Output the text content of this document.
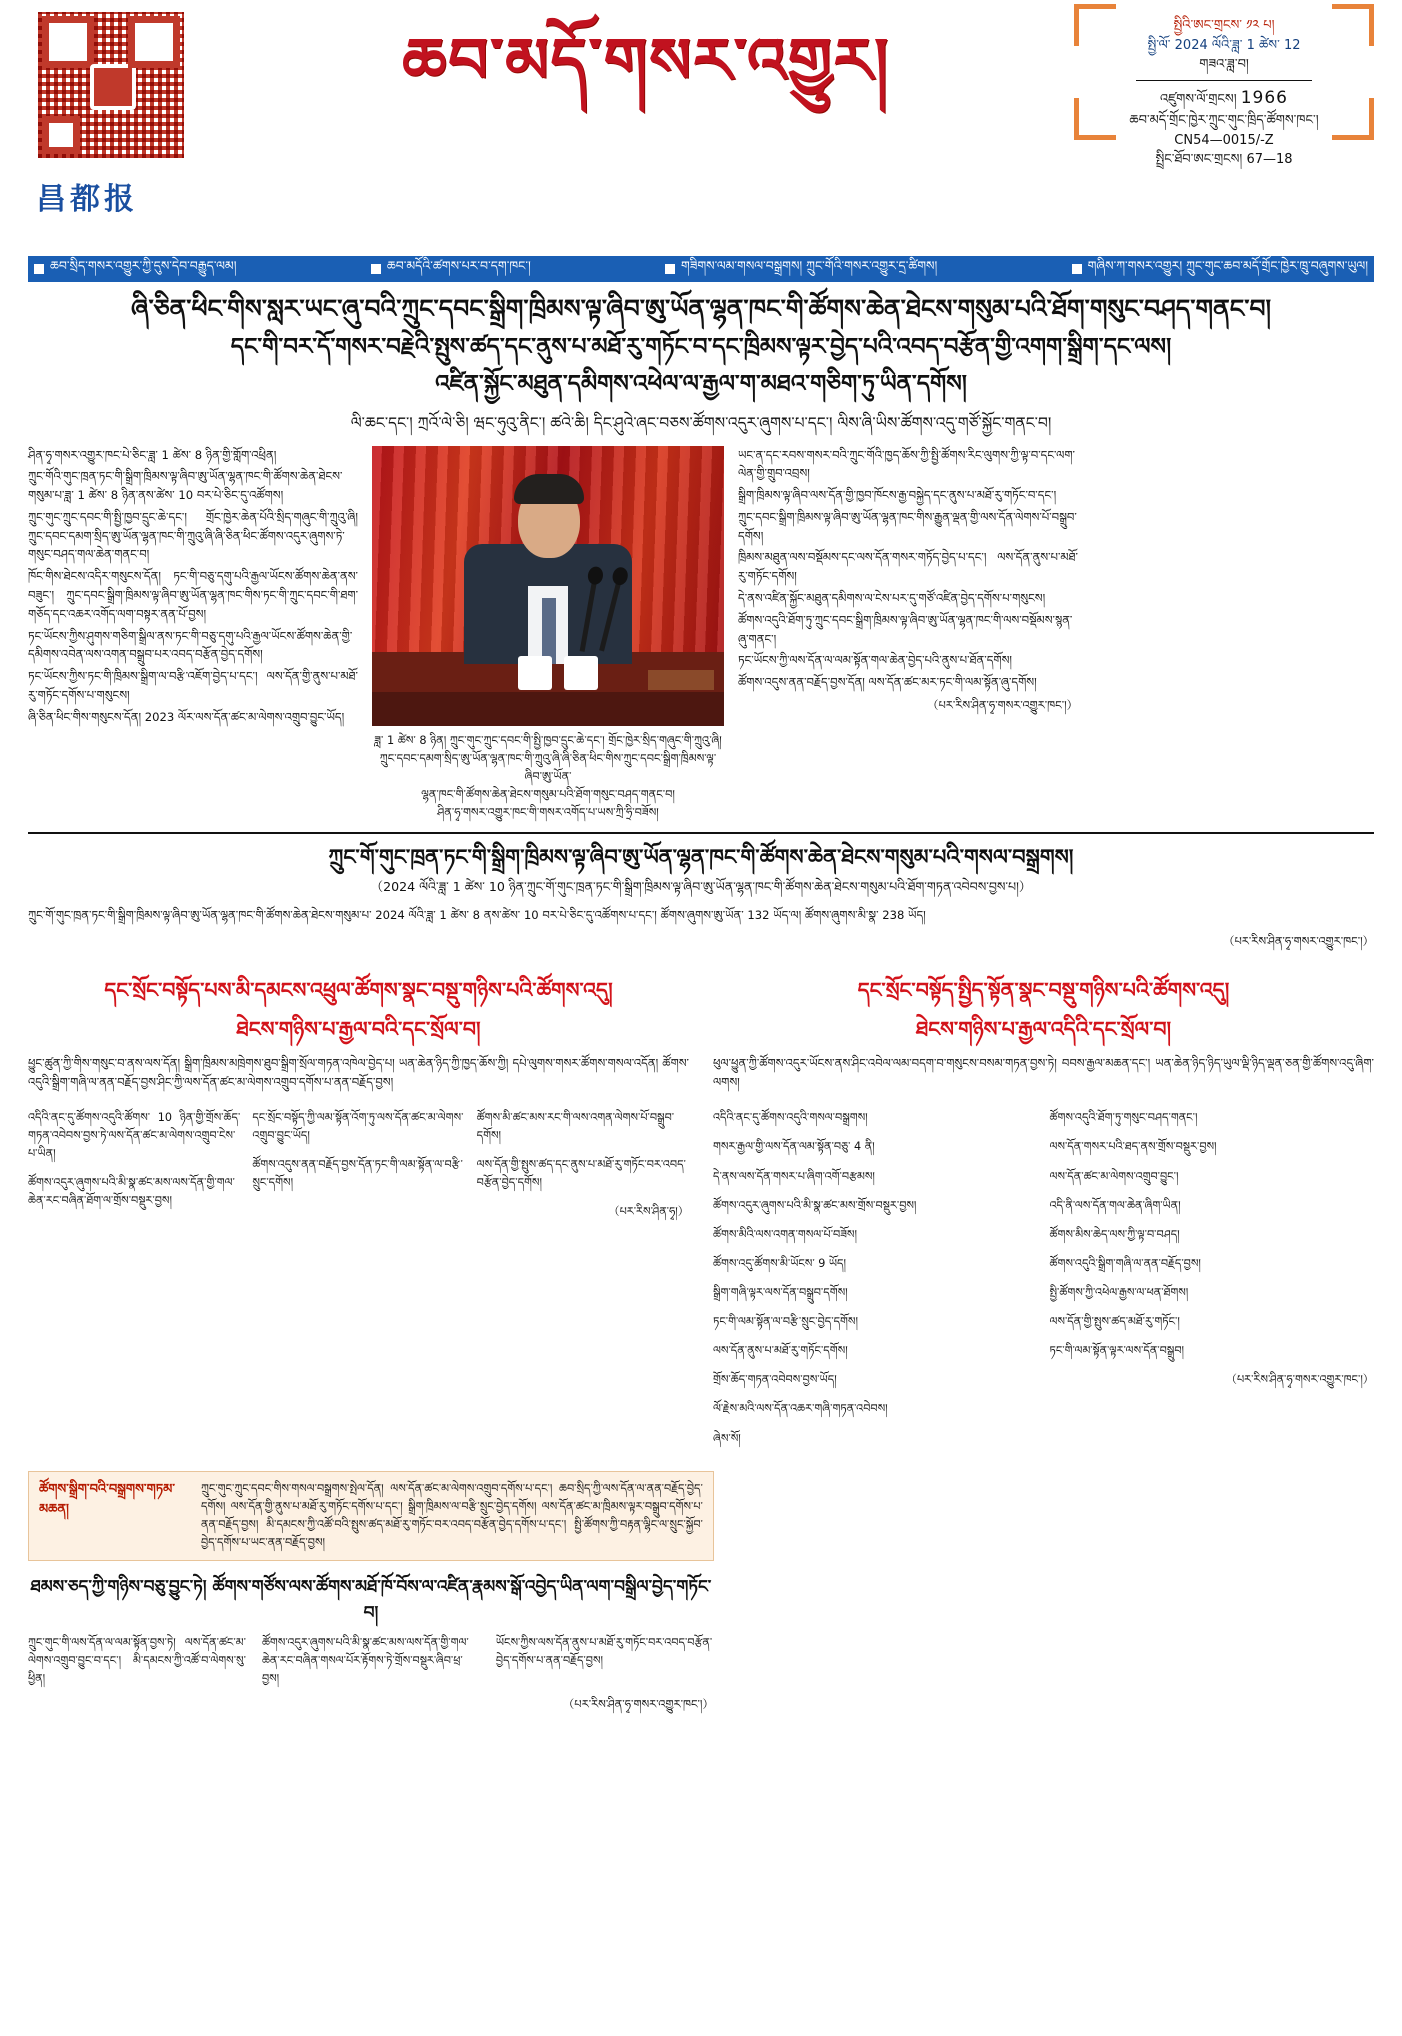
昌都报
ཆབ་མདོ་གསར་འགྱུར།	སྤྱིའི་ཨང་གྲངས་ ༡༢ པ།
སྤྱི་ལོ་ 2024 ལོའི་ཟླ་ 1 ཚེས་ 12
གཟའ་ཟླ་བ།
འཛུགས་ལོ་གྲངས། 1966
ཆབ་མདོ་གྲོང་ཁྱེར་ཀྲུང་གུང་ཁྲིད་ཚོགས་ཁང་།
CN54—0015/-Z
སྤྲིང་ཐོབ་ཨང་གྲངས། 67—18
ཆབ་སྲིད་གསར་འགྱུར་ཀྱི་དུས་དེབ་བརྒྱུད་ལམ།	ཆབ་མདོའི་ཚགས་པར་བ་དག་ཁང་།	གཟིགས་ལམ་གསལ་བསྒྲགས། ཀྲུང་གོའི་གསར་འགྱུར་དྲ་ཚིགས།	གཞིས་ཀ་གསར་འགྱུར། ཀྲུང་གུང་ཆབ་མདོ་གྲོང་ཁྱེར་ཁྲུ་བཞུགས་ཡུལ།
ཞི་ཅིན་ཕིང་གིས་སླར་ཡང་ཞུ་བའི་ཀྲུང་དབང་སྒྲིག་ཁྲིམས་ལྟ་ཞིབ་ཨུ་ཡོན་ལྷན་ཁང་གི་ཚོགས་ཆེན་ཐེངས་གསུམ་པའི་ཐོག་གསུང་བཤད་གནང་བ།
དང་གི་བར་དོ་གསར་བརྗེའི་སྤུས་ཚད་དང་ནུས་པ་མཐོ་རུ་གཏོང་བ་དང་ཁྲིམས་ལྟར་བྱེད་པའི་འབད་བརྩོན་གྱི་འགག་སྒྲིག་དང་ལས།
འཛིན་སྐྱོང་མཐུན་དམིགས་འཕེལ་ལ་རྒྱལ་ག་མཐའ་གཅིག་ཏུ་ཡིན་དགོས།
ལི་ཆང་དང་། ཀྲའོ་ལེ་ཅི། ཝང་ཧུའུ་ནིང་། ཚའེ་ཆི། དིང་ཤུའེ་ཞང་བཅས་ཚོགས་འདུར་ཞུགས་པ་དང་། ལིས་ཞི་ཡིས་ཚོགས་འདུ་གཙོ་སྐྱོང་གནང་བ།

ཤིན་ཧྭ་གསར་འགྱུར་ཁང་པེ་ཅིང་ཟླ་ 1 ཚེས་ 8 ཉིན་གྱི་གློག་འཕྲིན།

ཀྲུང་གོའི་གུང་ཁྲན་ཏང་གི་སྒྲིག་ཁྲིམས་ལྟ་ཞིབ་ཨུ་ཡོན་ལྷན་ཁང་གི་ཚོགས་ཆེན་ཐེངས་གསུམ་པ་ཟླ་ 1 ཚེས་ 8 ཉིན་ནས་ཚེས་ 10 བར་པེ་ཅིང་དུ་འཚོགས།

ཀྲུང་གུང་ཀྲུང་དབང་གི་སྤྱི་ཁྱབ་དྲུང་ཆེ་དང་། གྲོང་ཁྱེར་ཆེན་པོའི་སྲིད་གཞུང་གི་ཀྲུའུ་ཞི། ཀྲུང་དབང་དམག་སྲིད་ཨུ་ཡོན་ལྷན་ཁང་གི་ཀྲུའུ་ཞི་ཞི་ཅིན་ཕིང་ཚོགས་འདུར་ཞུགས་ཏེ་གསུང་བཤད་གལ་ཆེན་གནང་བ།

ཁོང་གིས་ཐེངས་འདིར་གསུངས་དོན། ཏང་གི་བཅུ་དགུ་པའི་རྒྱལ་ཡོངས་ཚོགས་ཆེན་ནས་བཟུང་། ཀྲུང་དབང་སྒྲིག་ཁྲིམས་ལྟ་ཞིབ་ཨུ་ཡོན་ལྷན་ཁང་གིས་ཏང་གི་ཀྲུང་དབང་གི་ཐག་གཅོད་དང་འཆར་འགོད་ལག་བསྟར་ནན་པོ་བྱས།

ཏང་ཡོངས་ཀྱིས་ཤུགས་གཅིག་སྒྲིལ་ནས་ཏང་གི་བཅུ་དགུ་པའི་རྒྱལ་ཡོངས་ཚོགས་ཆེན་གྱི་དམིགས་འབེན་ལས་འགན་བསྒྲུབ་པར་འབད་བརྩོན་བྱེད་དགོས།

ཏང་ཡོངས་ཀྱིས་ཏང་གི་ཁྲིམས་སྒྲིག་ལ་བརྩི་འཇོག་བྱེད་པ་དང་། ལས་དོན་གྱི་ནུས་པ་མཐོ་རུ་གཏོང་དགོས་པ་གསུངས།

ཞི་ཅིན་ཕིང་གིས་གསུངས་དོན། 2023 ལོར་ལས་དོན་ཚང་མ་ལེགས་འགྲུབ་བྱུང་ཡོད།

ཟླ་ 1 ཚེས་ 8 ཉིན། ཀྲུང་གུང་ཀྲུང་དབང་གི་སྤྱི་ཁྱབ་དྲུང་ཆེ་དང་། གྲོང་ཁྱེར་སྲིད་གཞུང་གི་ཀྲུའུ་ཞི།
ཀྲུང་དབང་དམག་སྲིད་ཨུ་ཡོན་ལྷན་ཁང་གི་ཀྲུའུ་ཞི་ཞི་ཅིན་ཕིང་གིས་ཀྲུང་དབང་སྒྲིག་ཁྲིམས་ལྟ་ཞིབ་ཨུ་ཡོན་
ལྷན་ཁང་གི་ཚོགས་ཆེན་ཐེངས་གསུམ་པའི་ཐོག་གསུང་བཤད་གནང་བ།
ཤིན་ཧྭ་གསར་འགྱུར་ཁང་གི་གསར་འགོད་པ་ཡས་ཀྲི་ཧྲི་བཟོས།

ཡང་ན་དང་རབས་གསར་བའི་ཀྲུང་གོའི་ཁྱད་ཆོས་ཀྱི་སྤྱི་ཚོགས་རིང་ལུགས་ཀྱི་ལྟ་བ་དང་ལག་ལེན་གྱི་གྲུབ་འབྲས།

སྒྲིག་ཁྲིམས་ལྟ་ཞིབ་ལས་དོན་གྱི་ཁྱབ་ཁོངས་རྒྱ་བསྐྱེད་དང་ནུས་པ་མཐོ་རུ་གཏོང་བ་དང་།

ཀྲུང་དབང་སྒྲིག་ཁྲིམས་ལྟ་ཞིབ་ཨུ་ཡོན་ལྷན་ཁང་གིས་རྒྱུན་ལྡན་གྱི་ལས་དོན་ལེགས་པོ་བསྒྲུབ་དགོས།

ཁྲིམས་མཐུན་ལས་བསྡོམས་དང་ལས་དོན་གསར་གཏོད་བྱེད་པ་དང་། ལས་དོན་ནུས་པ་མཐོ་རུ་གཏོང་དགོས།

དེ་ནས་འཛིན་སྐྱོང་མཐུན་དམིགས་ལ་ངེས་པར་དུ་གཙོ་འཛིན་བྱེད་དགོས་པ་གསུངས།

ཚོགས་འདུའི་ཐོག་ཏུ་ཀྲུང་དབང་སྒྲིག་ཁྲིམས་ལྟ་ཞིབ་ཨུ་ཡོན་ལྷན་ཁང་གི་ལས་བསྡོམས་སྙན་ཞུ་གནང་།

ཏང་ཡོངས་ཀྱི་ལས་དོན་ལ་ལམ་སྟོན་གལ་ཆེན་བྱེད་པའི་ནུས་པ་ཐོན་དགོས།

ཚོགས་འདུས་ནན་བརྗོད་བྱས་དོན། ལས་དོན་ཚང་མར་ཏང་གི་ལམ་སྟོན་ཞུ་དགོས།

（པར་རིས་ཤིན་ཧྭ་གསར་འགྱུར་ཁང་།）
ཀྲུང་གོ་གུང་ཁྲན་ཏང་གི་སྒྲིག་ཁྲིམས་ལྟ་ཞིབ་ཨུ་ཡོན་ལྷན་ཁང་གི་ཚོགས་ཆེན་ཐེངས་གསུམ་པའི་གསལ་བསྒྲགས།
（2024 ལོའི་ཟླ་ 1 ཚེས་ 10 ཉིན་ཀྲུང་གོ་གུང་ཁྲན་ཏང་གི་སྒྲིག་ཁྲིམས་ལྟ་ཞིབ་ཨུ་ཡོན་ལྷན་ཁང་གི་ཚོགས་ཆེན་ཐེངས་གསུམ་པའི་ཐོག་གཏན་འབེབས་བྱས་པ།）
ཀྲུང་གོ་གུང་ཁྲན་ཏང་གི་སྒྲིག་ཁྲིམས་ལྟ་ཞིབ་ཨུ་ཡོན་ལྷན་ཁང་གི་ཚོགས་ཆེན་ཐེངས་གསུམ་པ་ 2024 ལོའི་ཟླ་ 1 ཚེས་ 8 ནས་ཚེས་ 10 བར་པེ་ཅིང་དུ་འཚོགས་པ་དང་། ཚོགས་ཞུགས་ཨུ་ཡོན་ 132 ཡོད་ལ། ཚོགས་ཞུགས་མི་སྣ་ 238 ཡོད།
（པར་རིས་ཤིན་ཧྭ་གསར་འགྱུར་ཁང་།）
དང་སྲོང་བསྟོད་པས་མི་དམངས་འཕྲུལ་ཚོགས་སྣང་བསྡུ་གཉིས་པའི་ཚོགས་འདུ།
ཐེངས་གཉིས་པ་རྒྱལ་བའི་དང་སྲོལ་བ།
ཕྱུང་ཚུན་ཀྱི་གིས་གསུང་བ་ནས་ལས་དོན། སྒྲིག་ཁྲིམས་མཁྲེགས་ཐུབ་སྒྲིག་སྲོལ་གཏན་འཁེལ་བྱེད་པ། ཡན་ཆེན་ཉིད་ཀྱི་ཁྱད་ཆོས་ཀྱི། དཔེ་ལུགས་གསར་ཚོགས་གསལ་འདོན། ཚོགས་འདུའི་སྒྲིག་གཞི་ལ་ནན་བརྗོད་བྱས་ཤིང་ཀྱི་ལས་དོན་ཚང་མ་ལེགས་འགྲུབ་དགོས་པ་ནན་བརྗོད་བྱས།

འདིའི་ནང་དུ་ཚོགས་འདུའི་ཚོགས་ 10 ཉིན་གྱི་གྲོས་ཆོད་གཏན་འབེབས་བྱས་ཏེ་ལས་དོན་ཚང་མ་ལེགས་འགྲུབ་ངེས་པ་ཡིན།

ཚོགས་འདུར་ཞུགས་པའི་མི་སྣ་ཚང་མས་ལས་དོན་གྱི་གལ་ཆེན་རང་བཞིན་ཐོག་ལ་གྲོས་བསྡུར་བྱས།

དང་སྲོང་བསྟོད་ཀྱི་ལམ་སྟོན་འོག་ཏུ་ལས་དོན་ཚང་མ་ལེགས་འགྲུབ་བྱུང་ཡོད།

ཚོགས་འདུས་ནན་བརྗོད་བྱས་དོན་ཏང་གི་ལམ་སྟོན་ལ་བརྩི་སྲུང་དགོས།

ཚོགས་མི་ཚང་མས་རང་གི་ལས་འགན་ལེགས་པོ་བསྒྲུབ་དགོས།

ལས་དོན་གྱི་སྤུས་ཚད་དང་ནུས་པ་མཐོ་རུ་གཏོང་བར་འབད་བརྩོན་བྱེད་དགོས།

（པར་རིས་ཤིན་ཧྭ།）

དང་སྲོང་བསྟོད་སྤྱིད་སྟོན་སྣང་བསྡུ་གཉིས་པའི་ཚོགས་འདུ།
ཐེངས་གཉིས་པ་རྒྱལ་འདིའི་དང་སྲོལ་བ།
ཕུལ་ཕྱུན་ཀྱི་ཚོགས་འདུར་ཡོངས་ནས་ཤིང་འབེལ་ལམ་བདག་བ་གསུངས་བསམ་གཏན་བྱས་ཏེ། བབས་རྒྱལ་མཆན་དང་། ཡན་ཆེན་ཉིད་ཉིད་ཡུལ་ལྡི་ཉིད་ལྡན་ཅན་གྱི་ཚོགས་འདུ་ཞིག་ལགས།

འདིའི་ནང་དུ་ཚོགས་འདུའི་གསལ་བསྒྲགས།

གསར་རྒྱལ་གྱི་ལས་དོན་ལམ་སྟོན་བཅུ་ 4 ནི།

དེ་ནས་ལས་དོན་གསར་པ་ཞིག་འགོ་བརྩམས།

ཚོགས་འདུར་ཞུགས་པའི་མི་སྣ་ཚང་མས་གྲོས་བསྡུར་བྱས།

ཚོགས་མིའི་ལས་འགན་གསལ་པོ་བཟོས།

ཚོགས་འདུ་ཚོགས་མི་ཡོངས་ 9 ཡོད།

སྒྲིག་གཞི་ལྟར་ལས་དོན་བསྒྲུབ་དགོས།

ཏང་གི་ལམ་སྟོན་ལ་བརྩི་སྲུང་བྱེད་དགོས།

ལས་དོན་ནུས་པ་མཐོ་རུ་གཏོང་དགོས།

གྲོས་ཆོད་གཏན་འབེབས་བྱས་ཡོད།

ལོ་རྗེས་མའི་ལས་དོན་འཆར་གཞི་གཏན་འབེབས།

ཞེས་སོ།

ཚོགས་འདུའི་ཐོག་ཏུ་གསུང་བཤད་གནང་།

ལས་དོན་གསར་པའི་ཐད་ནས་གྲོས་བསྡུར་བྱས།

ལས་དོན་ཚང་མ་ལེགས་འགྲུབ་བྱུང་།

འདི་ནི་ལས་དོན་གལ་ཆེན་ཞིག་ཡིན།

ཚོགས་མིས་ཆེད་ལས་ཀྱི་ལྟ་བ་བཤད།

ཚོགས་འདུའི་སྒྲིག་གཞི་ལ་ནན་བརྗོད་བྱས།

སྤྱི་ཚོགས་ཀྱི་འཕེལ་རྒྱས་ལ་ཕན་ཐོགས།

ལས་དོན་གྱི་སྤུས་ཚད་མཐོ་རུ་གཏོང་།

ཏང་གི་ལམ་སྟོན་ལྟར་ལས་དོན་བསྒྲུབ།

（པར་རིས་ཤིན་ཧྭ་གསར་འགྱུར་ཁང་།）

ཚོགས་སྒྲིག་བའི་བསྒྲགས་གཏམ་མཆན།
ཀྲུང་གུང་ཀྲུང་དབང་གིས་གསལ་བསྒྲགས་སྤེལ་དོན། ལས་དོན་ཚང་མ་ལེགས་འགྲུབ་དགོས་པ་དང་། ཆབ་སྲིད་ཀྱི་ལས་དོན་ལ་ནན་བརྗོད་བྱེད་དགོས། ལས་དོན་གྱི་ནུས་པ་མཐོ་རུ་གཏོང་དགོས་པ་དང་། སྒྲིག་ཁྲིམས་ལ་བརྩི་སྲུང་བྱེད་དགོས། ལས་དོན་ཚང་མ་ཁྲིམས་ལྟར་བསྒྲུབ་དགོས་པ་ནན་བརྗོད་བྱས། མི་དམངས་ཀྱི་འཚོ་བའི་སྤུས་ཚད་མཐོ་རུ་གཏོང་བར་འབད་བརྩོན་བྱེད་དགོས་པ་དང་། སྤྱི་ཚོགས་ཀྱི་བརྟན་ལྷིང་ལ་སྲུང་སྐྱོབ་བྱེད་དགོས་པ་ཡང་ནན་བརྗོད་བྱས།
ཐམས་ཅད་ཀྱི་གཉིས་བཅུ་བྱུང་ཏེ། ཚོགས་གཙོས་ལས་ཚོགས་མཐོ་ཁོ་བོས་ལ་འཛིན་རྣམས་སྒོ་འབྱེད་ཡིན་ལག་བསྒྲིལ་བྱེད་གཏོང་བ།
ཀྲུང་གུང་གི་ལས་དོན་ལ་ལམ་སྟོན་བྱས་ཏེ། ལས་དོན་ཚང་མ་ལེགས་འགྲུབ་བྱུང་བ་དང་། མི་དམངས་ཀྱི་འཚོ་བ་ལེགས་སུ་ཕྱིན།
ཚོགས་འདུར་ཞུགས་པའི་མི་སྣ་ཚང་མས་ལས་དོན་གྱི་གལ་ཆེན་རང་བཞིན་གསལ་པོར་རྟོགས་ཏེ་གྲོས་བསྡུར་ཞིབ་ཕྲ་བྱས།
ཡོངས་ཀྱིས་ལས་དོན་ནུས་པ་མཐོ་རུ་གཏོང་བར་འབད་བརྩོན་བྱེད་དགོས་པ་ནན་བརྗོད་བྱས།
（པར་རིས་ཤིན་ཧྭ་གསར་འགྱུར་ཁང་།）
